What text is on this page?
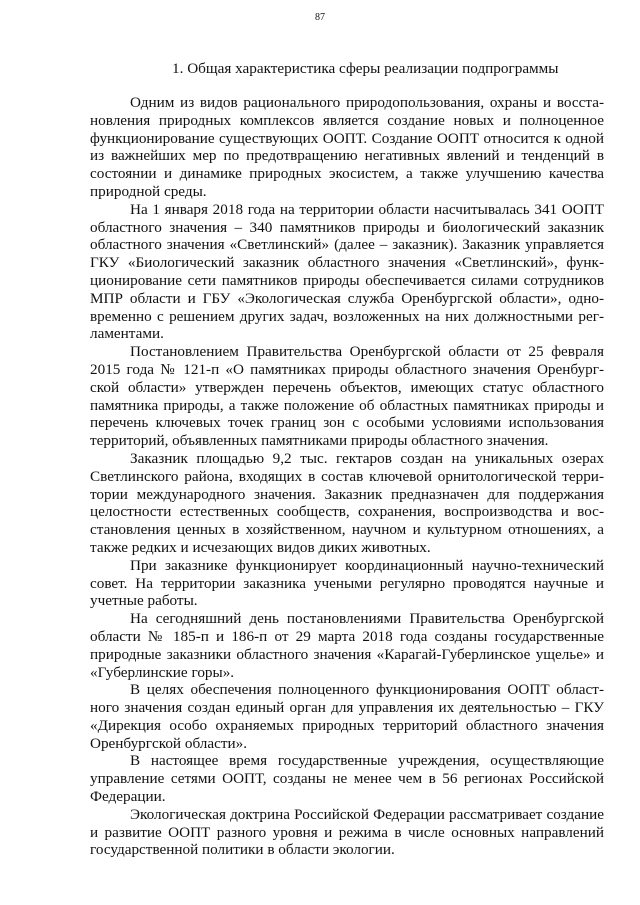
87
1. Общая характеристика сферы реализации подпрограммы

Одним из видов рационального природопользования, охраны и восстановления природных комплексов является создание новых и полноценное функционирование существующих ООПТ. Создание ООПТ относится к одной из важнейших мер по предотвращению негативных явлений и тенденций в состоянии и динамике природных экосистем, а также улучшению качества природной среды.

На 1 января 2018 года на территории области насчитывалась 341 ООПТ областного значения – 340 памятников природы и биологический заказник областного значения «Светлинский» (далее – заказник). Заказник управляется ГКУ «Биологический заказник областного значения «Светлинский», функционирование сети памятников природы обеспечивается силами сотрудников МПР области и ГБУ «Экологическая служба Оренбургской области», одновременно с решением других задач, возложенных на них должностными регламентами.

Постановлением Правительства Оренбургской области от 25 февраля 2015 года № 121-п «О памятниках природы областного значения Оренбургской области» утвержден перечень объектов, имеющих статус областного памятника природы, а также положение об областных памятниках природы и перечень ключевых точек границ зон с особыми условиями использования территорий, объявленных памятниками природы областного значения.

Заказник площадью 9,2 тыс. гектаров создан на уникальных озерах Светлинского района, входящих в состав ключевой орнитологической территории международного значения. Заказник предназначен для поддержания целостности естественных сообществ, сохранения, воспроизводства и восстановления ценных в хозяйственном, научном и культурном отношениях, а также редких и исчезающих видов диких животных.

При заказнике функционирует координационный научно-технический совет. На территории заказника учеными регулярно проводятся научные и учетные работы.

На сегодняшний день постановлениями Правительства Оренбургской области № 185-п и 186-п от 29 марта 2018 года созданы государственные природные заказники областного значения «Карагай-Губерлинское ущелье» и «Губерлинские горы».

В целях обеспечения полноценного функционирования ООПТ областного значения создан единый орган для управления их деятельностью – ГКУ «Дирекция особо охраняемых природных территорий областного значения Оренбургской области».

В настоящее время государственные учреждения, осуществляющие управление сетями ООПТ, созданы не менее чем в 56 регионах Российской Федерации.

Экологическая доктрина Российской Федерации рассматривает создание и развитие ООПТ разного уровня и режима в числе основных направлений государственной политики в области экологии.
